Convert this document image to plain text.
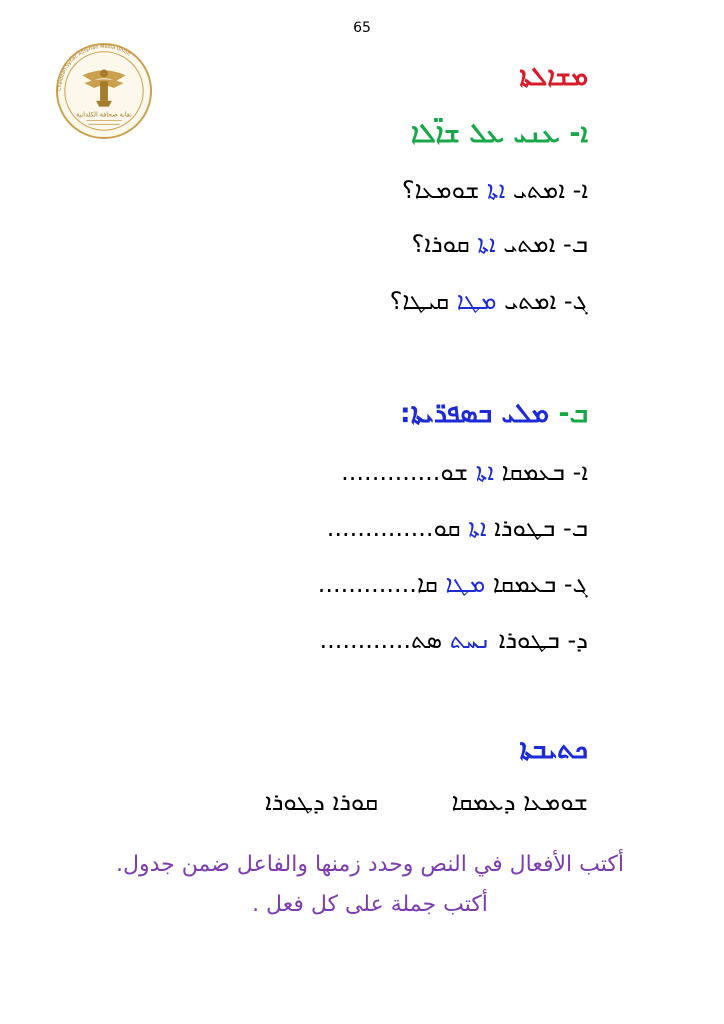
65
Chaldean Syriac Assyrian Media Union
نقابة صحافة الكلدانية
ܡܫܐܠܬܐ
ܐ- ܥܢܝ ܥܠ ܫܐ̈ܠܐ
ܐ- ܐܡܬܝ ܐܬܐ ܫܘܡܥܐ؟
ܒ- ܐܡܬܝ ܐܬܐ ܩܘܪܐ؟
ܓ- ܐܡܬܝ ܡܛܐ ܩܝܛܐ؟
ܒ- ܡܠܝ ܒܣܦܪ̈ܝܬܐ:
ܐ- ܒܥܡܩܐ ܐܬܐ ܫܘ.............
ܒ- ܒܛܘܪܐ ܐܬܐ ܩܘ..............
ܓ- ܒܥܡܩܐ ܡܛܐ ܩܐ.............
ܕ- ܒܛܘܪܐ ܢܚܬ ܣܬ............
ܟܬܝܒܬܐ
ܫܘܡܥܐ ܕܥܡܩܐ
ܩܘܪܐ ܕܛܘܪܐ
أكتب الأفعال في النص وحدد زمنها والفاعل ضمن جدول.
أكتب جملة على كل فعل .
